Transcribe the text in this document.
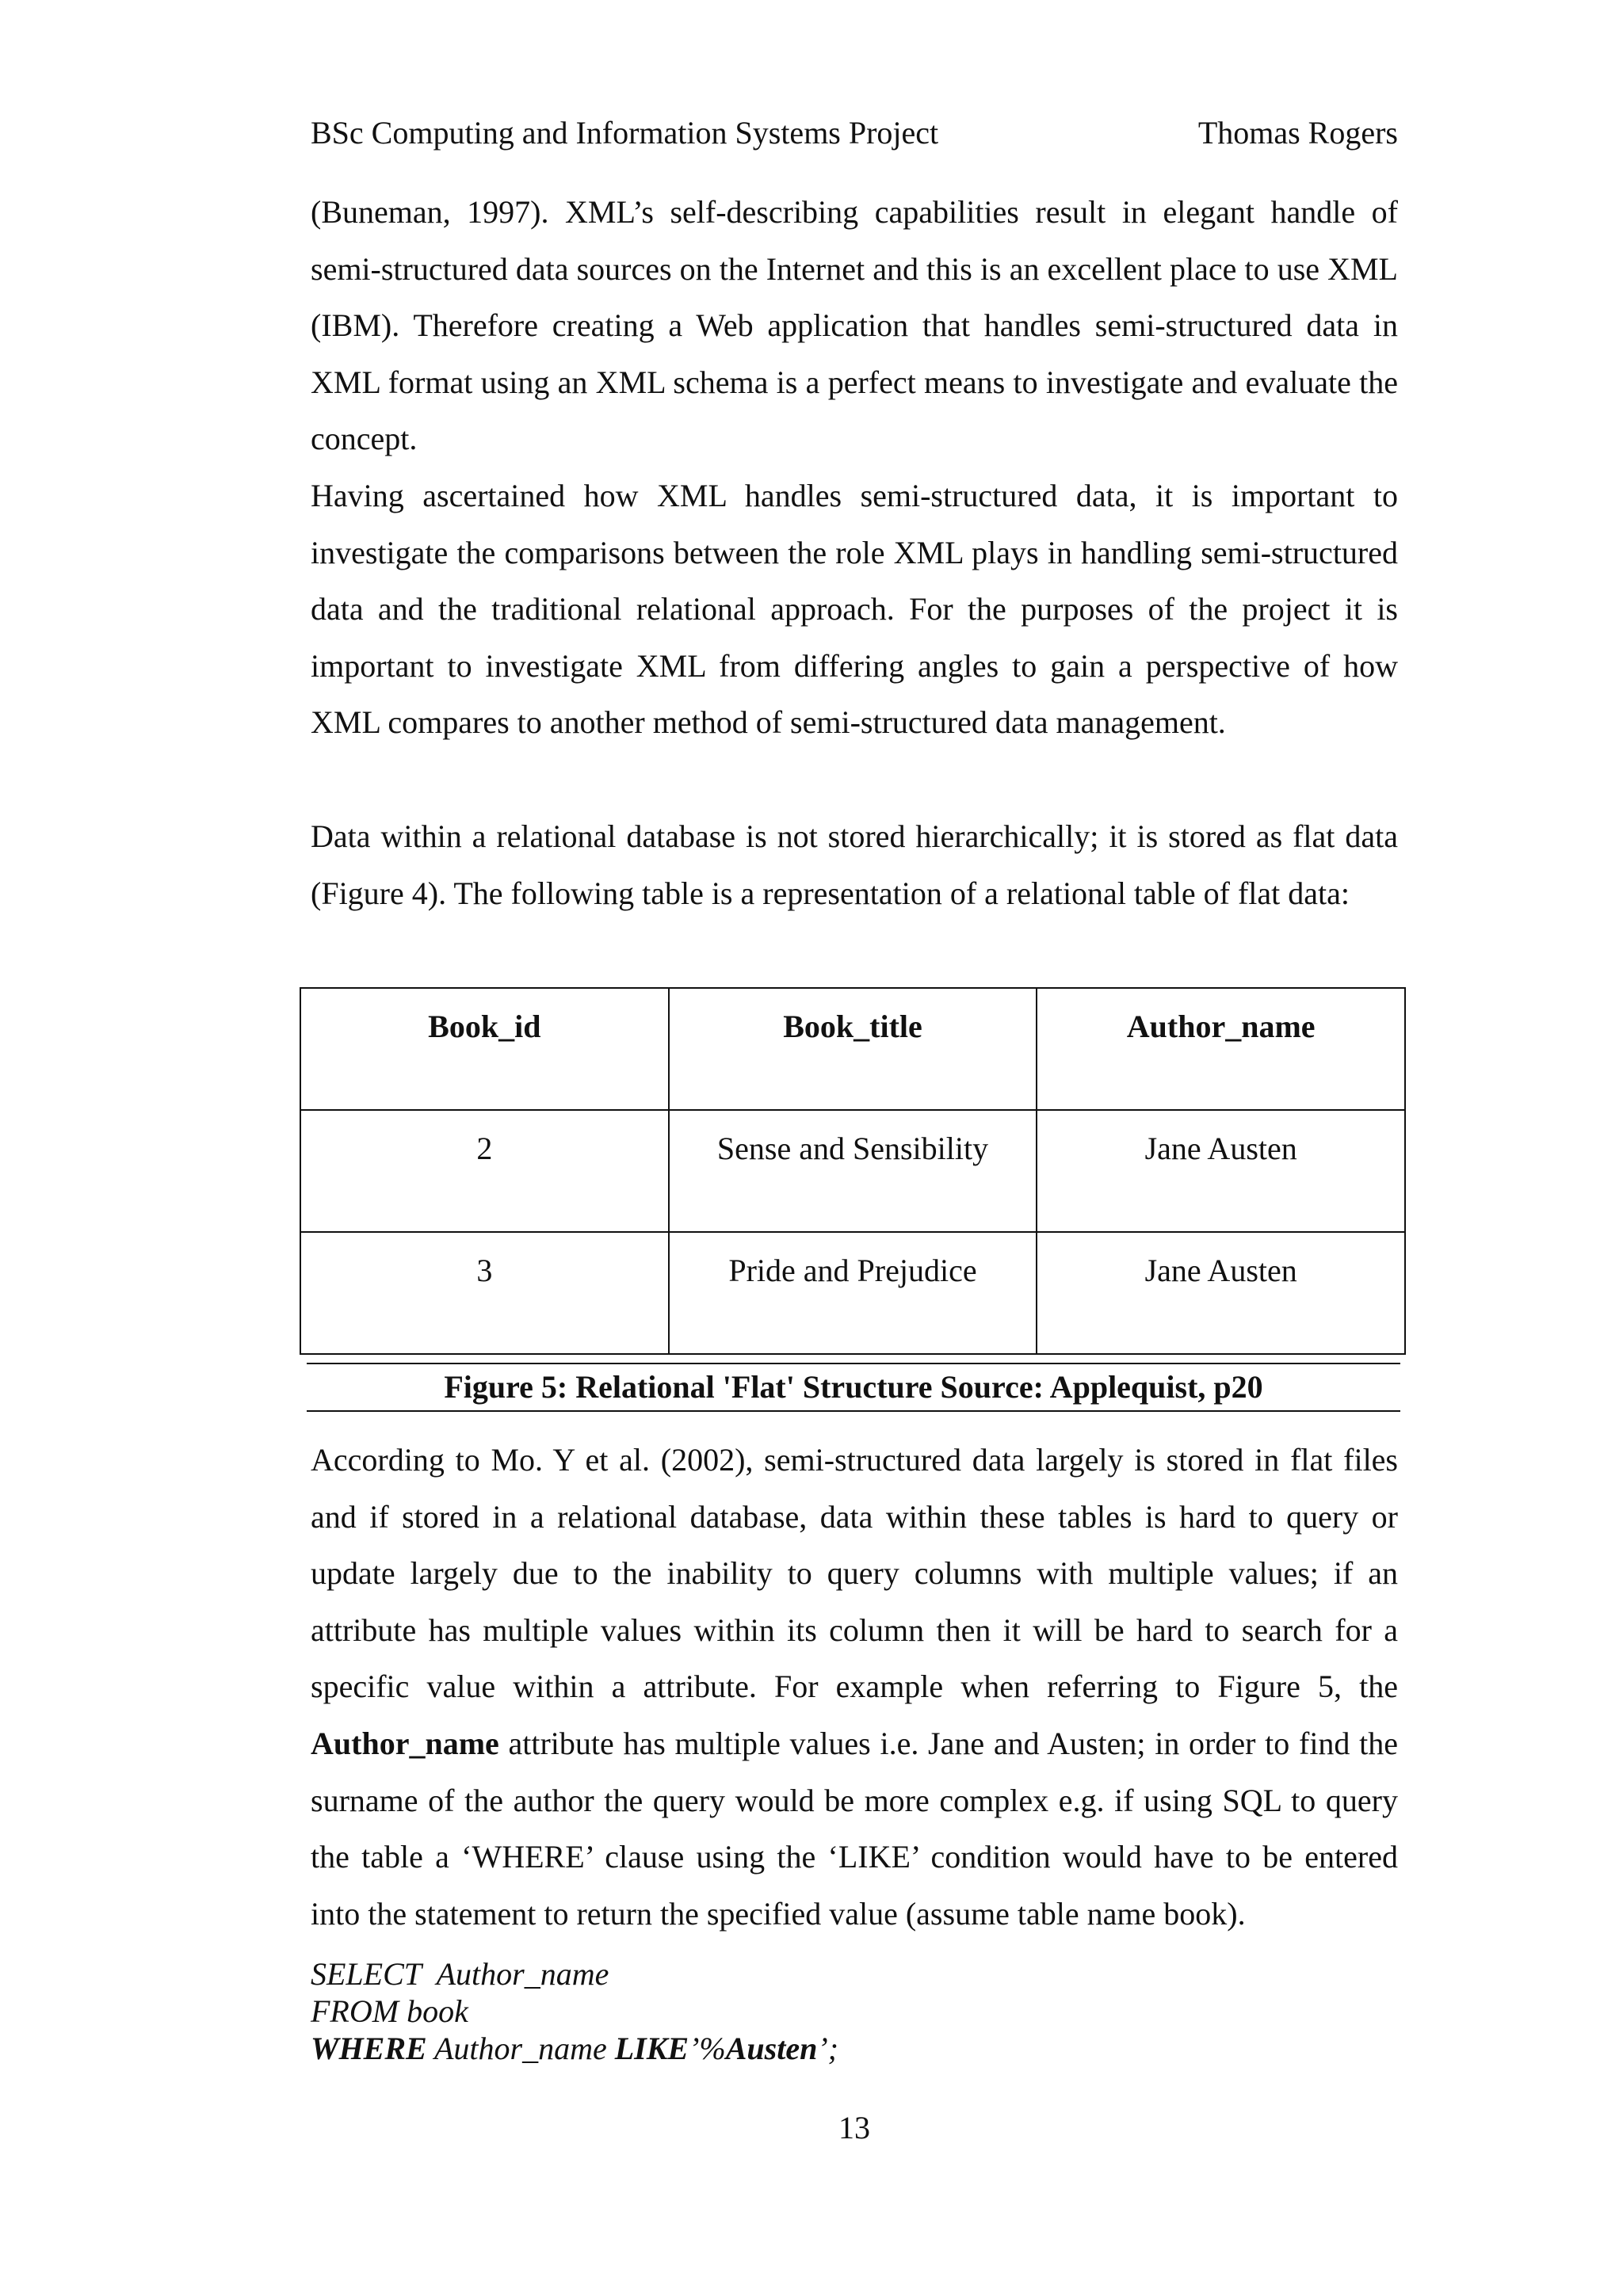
BSc Computing and Information Systems Project	Thomas Rogers

(Buneman, 1997). XML’s self-describing capabilities result in elegant handle of semi-structured data sources on the Internet and this is an excellent place to use XML (IBM). Therefore creating a Web application that handles semi-structured data in XML format using an XML schema is a perfect means to investigate and evaluate the concept.

Having ascertained how XML handles semi-structured data, it is important to investigate the comparisons between the role XML plays in handling semi-structured data and the traditional relational approach. For the purposes of the project it is important to investigate XML from differing angles to gain a perspective of how XML compares to another method of semi-structured data management.

Data within a relational database is not stored hierarchically; it is stored as flat data (Figure 4). The following table is a representation of a relational table of flat data:

Book_id	Book_title	Author_name
2	Sense and Sensibility	Jane Austen
3	Pride and Prejudice	Jane Austen
Figure 5: Relational 'Flat' Structure Source: Applequist, p20

According to Mo. Y et al. (2002), semi-structured data largely is stored in flat files and if stored in a relational database, data within these tables is hard to query or update largely due to the inability to query columns with multiple values; if an attribute has multiple values within its column then it will be hard to search for a specific value within a attribute. For example when referring to Figure 5, the Author_name attribute has multiple values i.e. Jane and Austen; in order to find the surname of the author the query would be more complex e.g. if using SQL to query the table a ‘WHERE’ clause using the ‘LIKE’ condition would have to be entered into the statement to return the specified value (assume table name book).

SELECT  Author_name
FROM book
WHERE Author_name LIKE’%Austen’;
13
